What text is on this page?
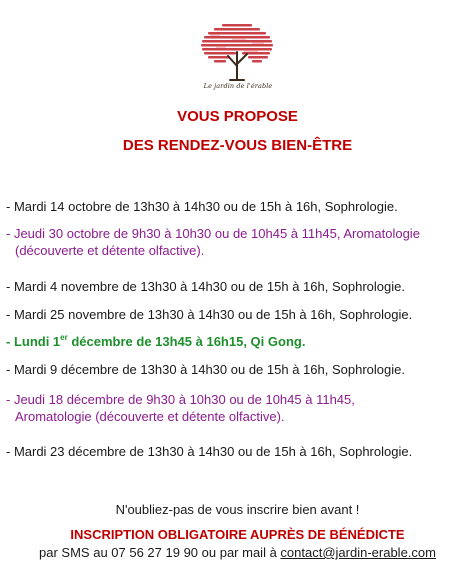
Le jardin de l'érable
VOUS PROPOSE
DES RENDEZ-VOUS BIEN-ÊTRE
- Mardi 14 octobre de 13h30 à 14h30 ou de 15h à 16h, Sophrologie.
- Jeudi 30 octobre de 9h30 à 10h30 ou de 10h45 à 11h45, Aromatologie
(découverte et détente olfactive).
- Mardi 4 novembre de 13h30 à 14h30 ou de 15h à 16h, Sophrologie.
- Mardi 25 novembre de 13h30 à 14h30 ou de 15h à 16h, Sophrologie.
- Lundi 1er décembre de 13h45 à 16h15, Qi Gong.
- Mardi 9 décembre de 13h30 à 14h30 ou de 15h à 16h, Sophrologie.
- Jeudi 18 décembre de 9h30 à 10h30 ou de 10h45 à 11h45,
Aromatologie (découverte et détente olfactive).
- Mardi 23 décembre de 13h30 à 14h30 ou de 15h à 16h, Sophrologie.
N'oubliez-pas de vous inscrire bien avant !
INSCRIPTION OBLIGATOIRE AUPRÈS DE BÉNÉDICTE
par SMS au 07 56 27 19 90 ou par mail à contact@jardin-erable.com
